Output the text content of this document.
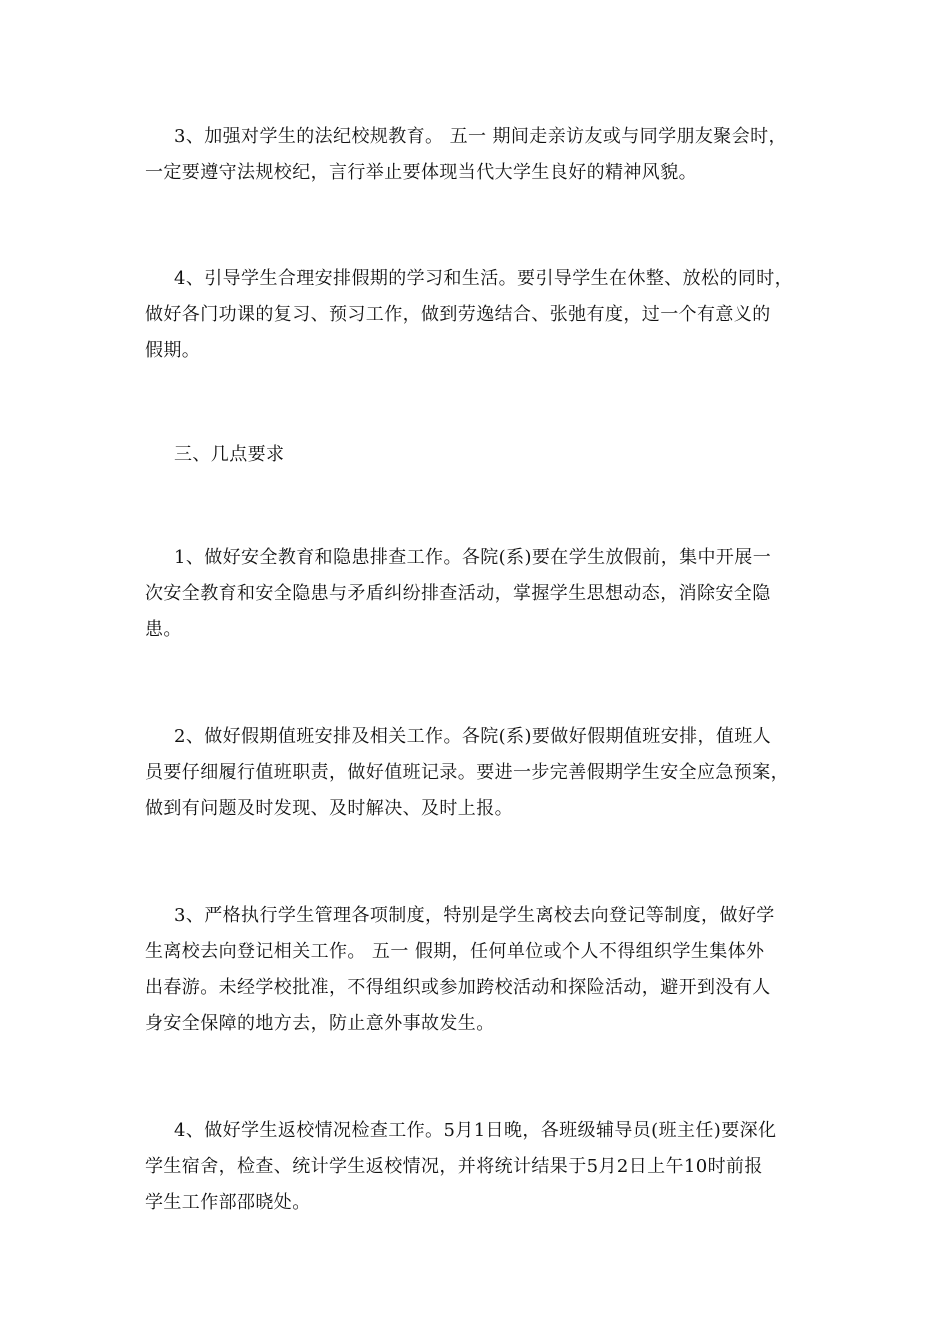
3、加强对学生的法纪校规教育。 五一 期间走亲访友或与同学朋友聚会时，
一定要遵守法规校纪，言行举止要体现当代大学生良好的精神风貌。
4、引导学生合理安排假期的学习和生活。要引导学生在休整、放松的同时，
做好各门功课的复习、预习工作，做到劳逸结合、张弛有度，过一个有意义的
假期。
三、几点要求
1、做好安全教育和隐患排查工作。各院(系)要在学生放假前，集中开展一
次安全教育和安全隐患与矛盾纠纷排查活动，掌握学生思想动态，消除安全隐
患。
2、做好假期值班安排及相关工作。各院(系)要做好假期值班安排，值班人
员要仔细履行值班职责，做好值班记录。要进一步完善假期学生安全应急预案，
做到有问题及时发现、及时解决、及时上报。
3、严格执行学生管理各项制度，特别是学生离校去向登记等制度，做好学
生离校去向登记相关工作。 五一 假期，任何单位或个人不得组织学生集体外
出春游。未经学校批准，不得组织或参加跨校活动和探险活动，避开到没有人
身安全保障的地方去，防止意外事故发生。
4、做好学生返校情况检查工作。5月1日晚，各班级辅导员(班主任)要深化
学生宿舍，检查、统计学生返校情况，并将统计结果于5月2日上午10时前报
学生工作部邵晓处。
